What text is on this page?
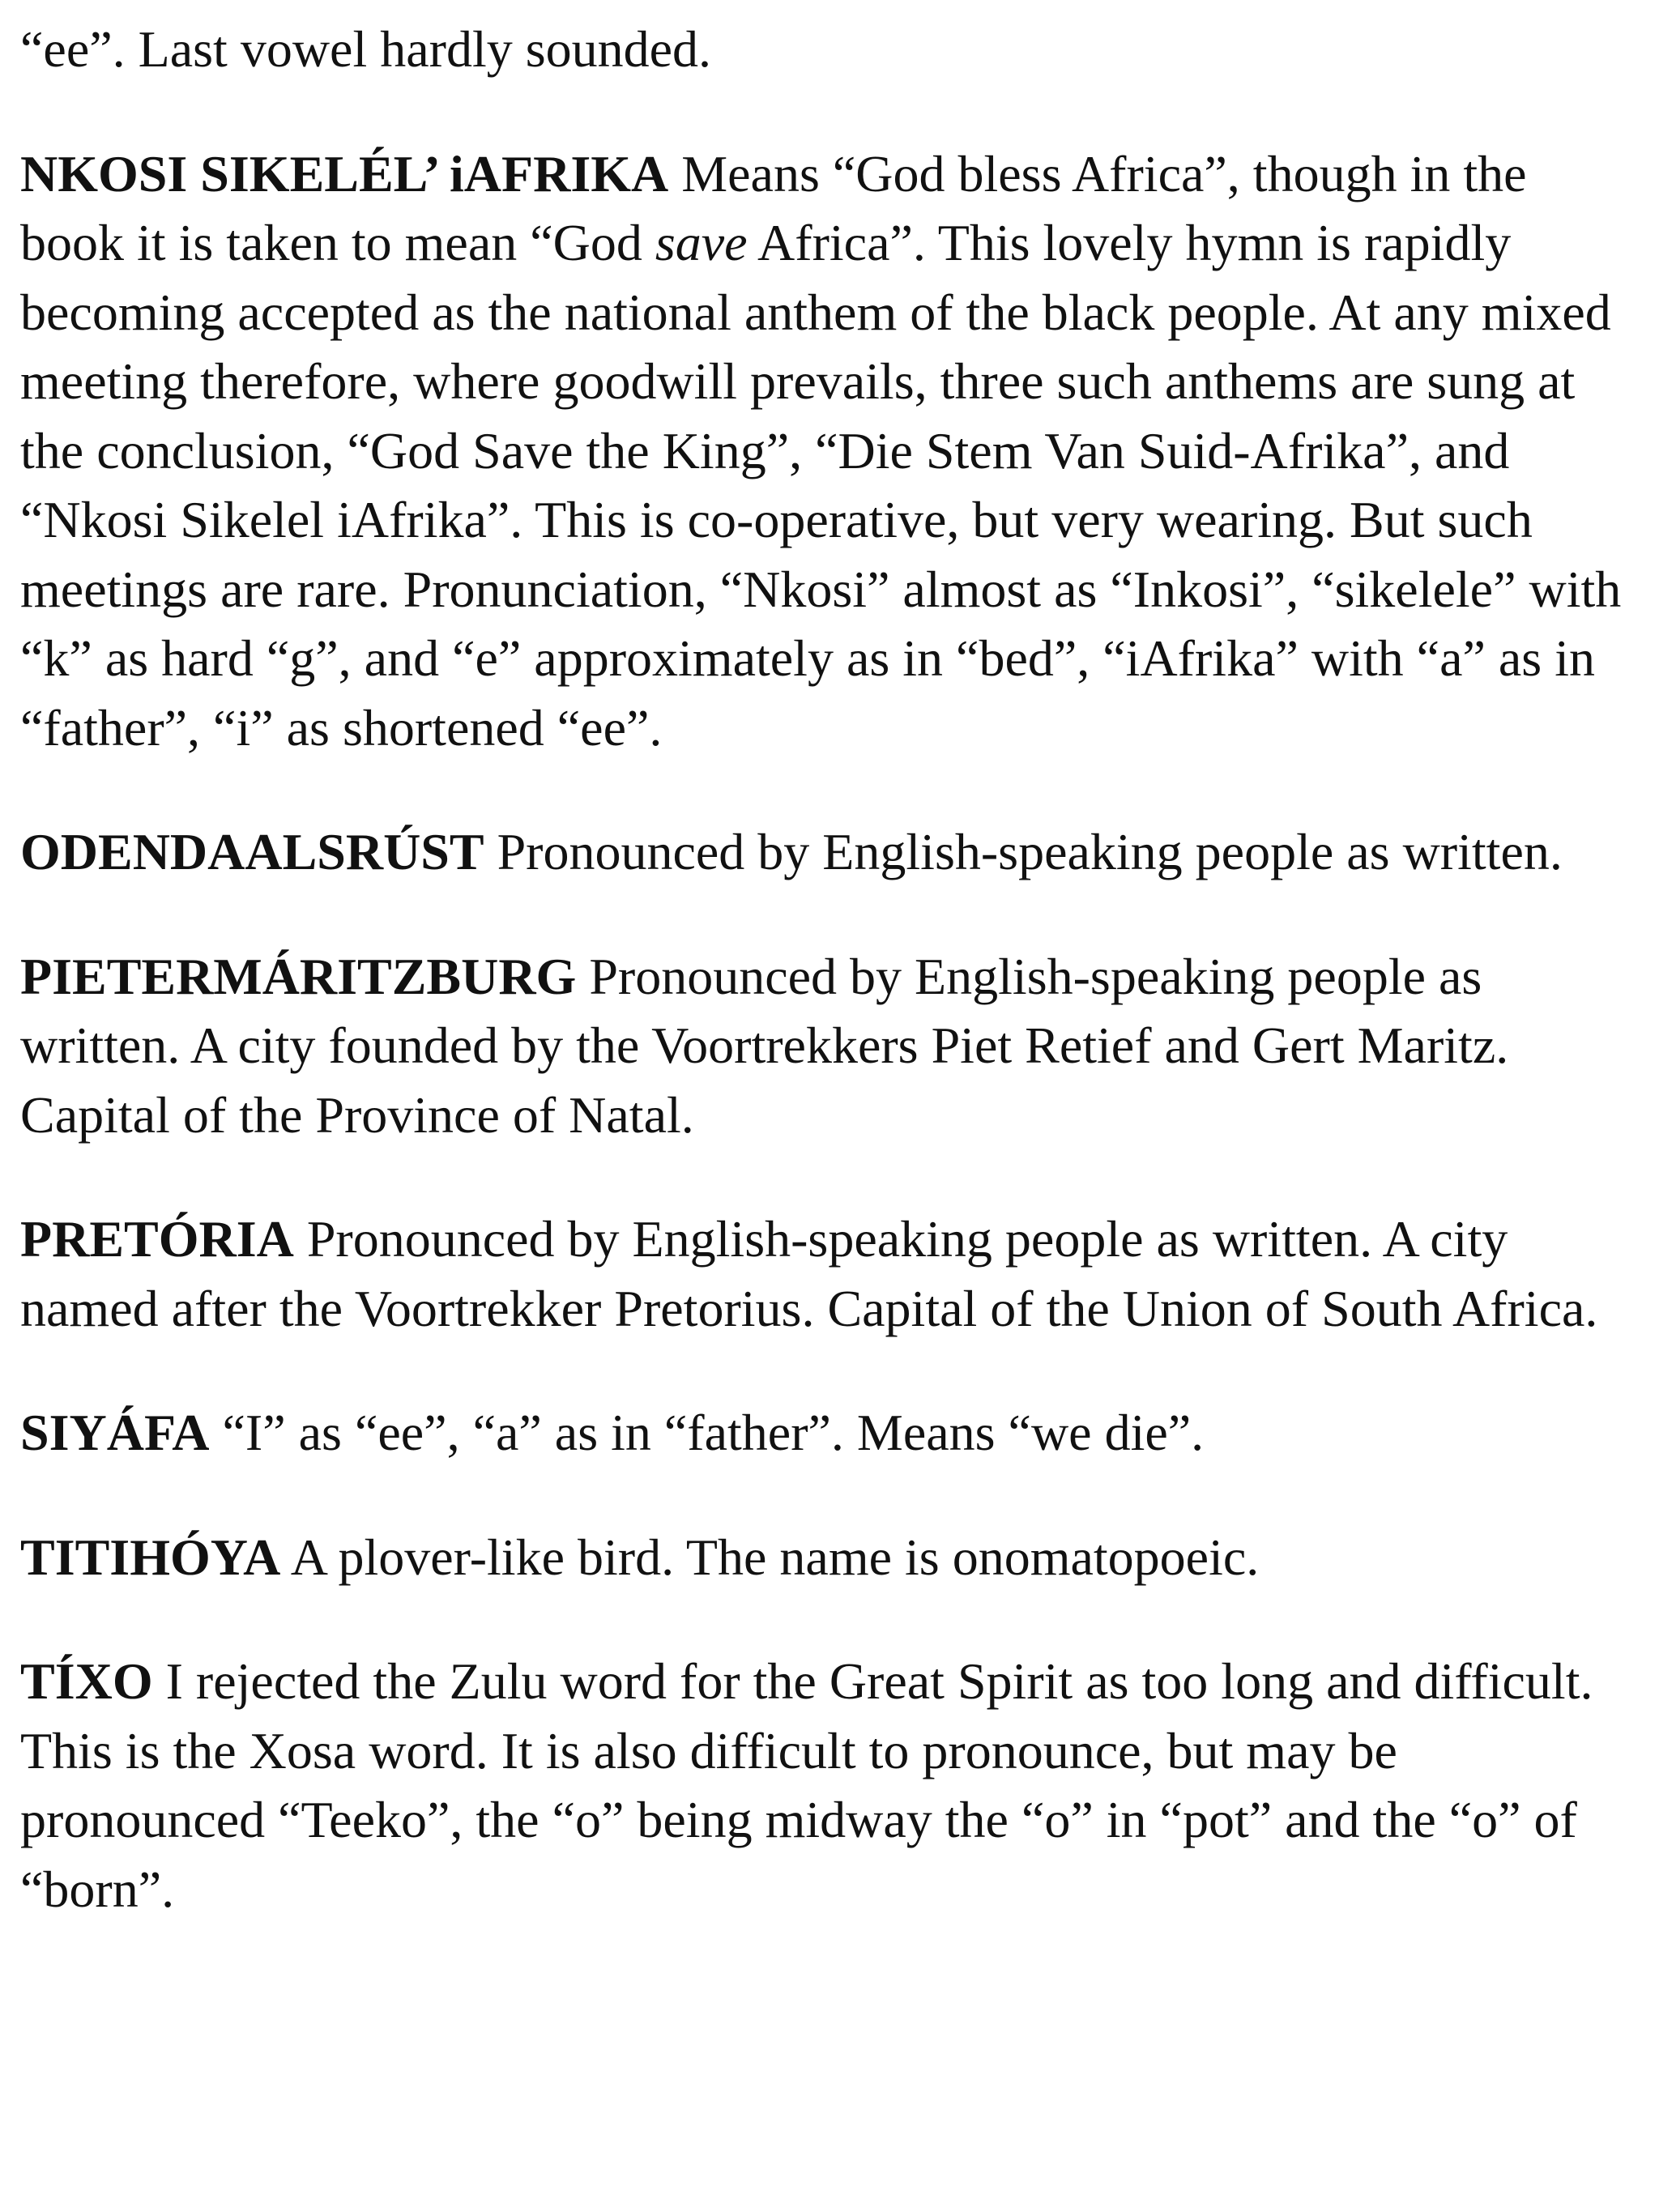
“ee”. Last vowel hardly sounded.

NKOSI SIKELÉL’ iAFRIKA Means “God bless Africa”, though in the book it is taken to mean “God save Africa”. This lovely hymn is rapidly becoming accepted as the national anthem of the black people. At any mixed meeting therefore, where goodwill prevails, three such anthems are sung at the conclusion, “God Save the King”, “Die Stem Van Suid-Afrika”, and “Nkosi Sikelel iAfrika”. This is co-operative, but very wearing. But such meetings are rare. Pronunciation, “Nkosi” almost as “Inkosi”, “sikelele” with “k” as hard “g”, and “e” approximately as in “bed”, “iAfrika” with “a” as in “father”, “i” as shortened “ee”.

ODENDAALSRÚST Pronounced by English-speaking people as written.

PIETERMÁRITZBURG Pronounced by English-speaking people as written. A city founded by the Voortrekkers Piet Retief and Gert Maritz. Capital of the Province of Natal.

PRETÓRIA Pronounced by English-speaking people as written. A city named after the Voortrekker Pretorius. Capital of the Union of South Africa.

SIYÁFA “I” as “ee”, “a” as in “father”. Means “we die”.

TITIHÓYA A plover-like bird. The name is onomatopoeic.

TÍXO I rejected the Zulu word for the Great Spirit as too long and difficult. This is the Xosa word. It is also difficult to pronounce, but may be pronounced “Teeko”, the “o” being midway the “o” in “pot” and the “o” of “born”.
